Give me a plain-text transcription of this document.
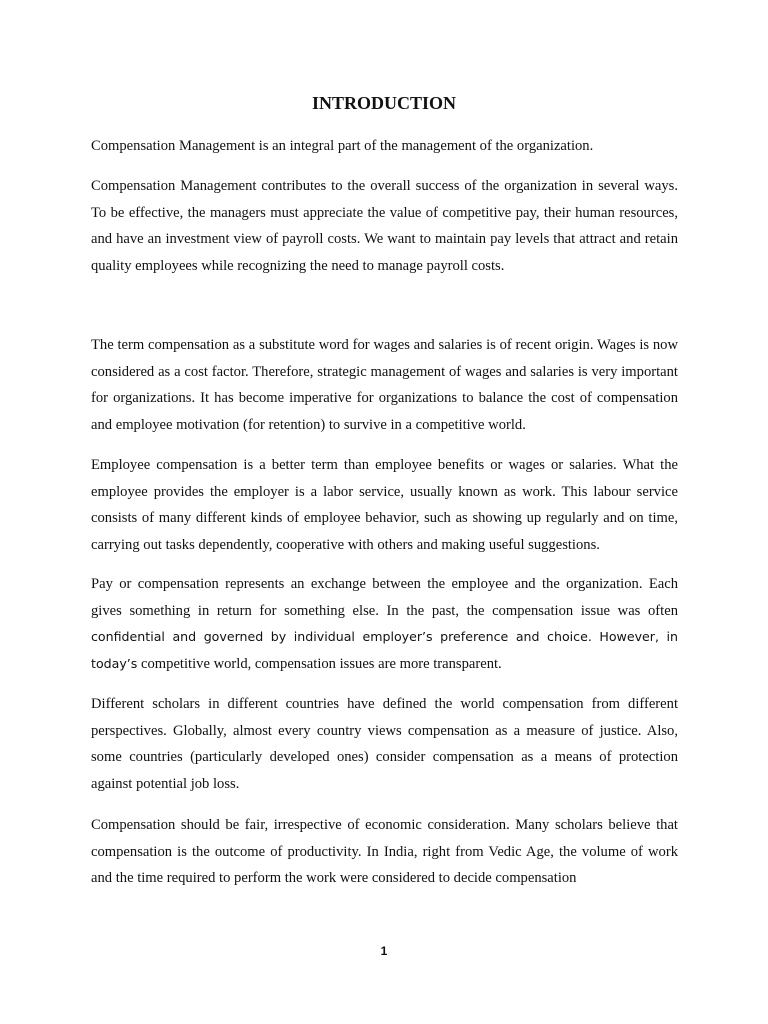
INTRODUCTION

Compensation Management is an integral part of the management of the organization.

Compensation Management contributes to the overall success of the organization in several ways. To be effective, the managers must appreciate the value of competitive pay, their human resources, and have an investment view of payroll costs. We want to maintain pay levels that attract and retain quality employees while recognizing the need to manage payroll costs.

The term compensation as a substitute word for wages and salaries is of recent origin. Wages is now considered as a cost factor. Therefore, strategic management of wages and salaries is very important for organizations. It has become imperative for organizations to balance the cost of compensation and employee motivation (for retention) to survive in a competitive world.

Employee compensation is a better term than employee benefits or wages or salaries. What the employee provides the employer is a labor service, usually known as work. This labour service consists of many different kinds of employee behavior, such as showing up regularly and on time, carrying out tasks dependently, cooperative with others and making useful suggestions.

Pay or compensation represents an exchange between the employee and the organization. Each gives something in return for something else. In the past, the compensation issue was often confidential and governed by individual employer’s preference and choice. However, in today’s competitive world, compensation issues are more transparent.

Different scholars in different countries have defined the world compensation from different perspectives. Globally, almost every country views compensation as a measure of justice. Also, some countries (particularly developed ones) consider compensation as a means of protection against potential job loss.

Compensation should be fair, irrespective of economic consideration. Many scholars believe that compensation is the outcome of productivity. In India, right from Vedic Age, the volume of work and the time required to perform the work were considered to decide compensation

1
